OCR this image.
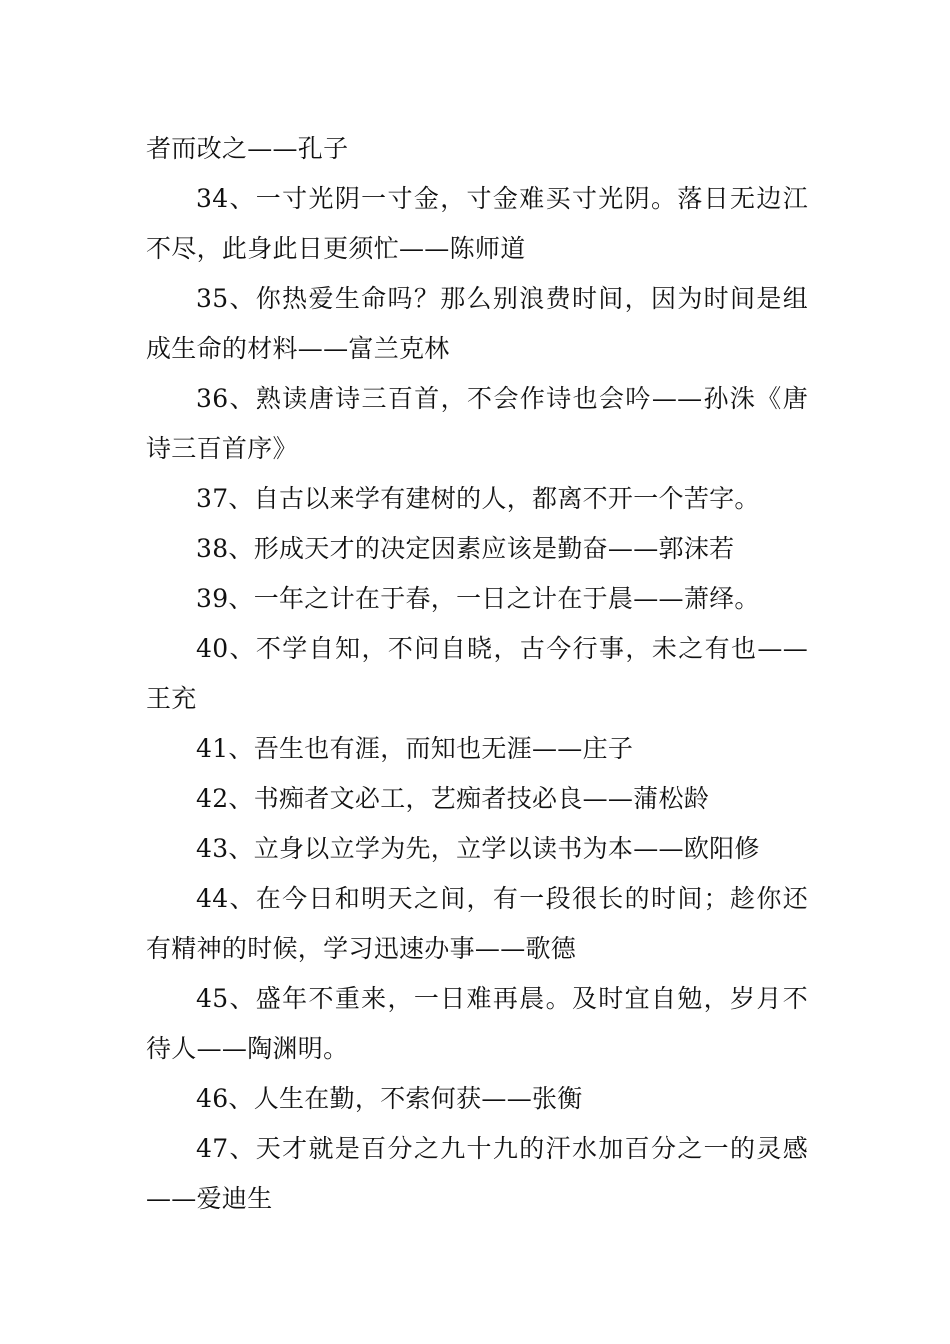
者而改之——孔子

34、一寸光阴一寸金，寸金难买寸光阴。落日无边江不尽，此身此日更须忙——陈师道

35、你热爱生命吗？那么别浪费时间，因为时间是组成生命的材料——富兰克林

36、熟读唐诗三百首，不会作诗也会吟——孙洙《唐诗三百首序》

37、自古以来学有建树的人，都离不开一个苦字。

38、形成天才的决定因素应该是勤奋——郭沫若

39、一年之计在于春，一日之计在于晨——萧绎。

40、不学自知，不问自晓，古今行事，未之有也——王充

41、吾生也有涯，而知也无涯——庄子

42、书痴者文必工，艺痴者技必良——蒲松龄

43、立身以立学为先，立学以读书为本——欧阳修

44、在今日和明天之间，有一段很长的时间；趁你还有精神的时候，学习迅速办事——歌德

45、盛年不重来，一日难再晨。及时宜自勉，岁月不待人——陶渊明。

46、人生在勤，不索何获——张衡

47、天才就是百分之九十九的汗水加百分之一的灵感——爱迪生
